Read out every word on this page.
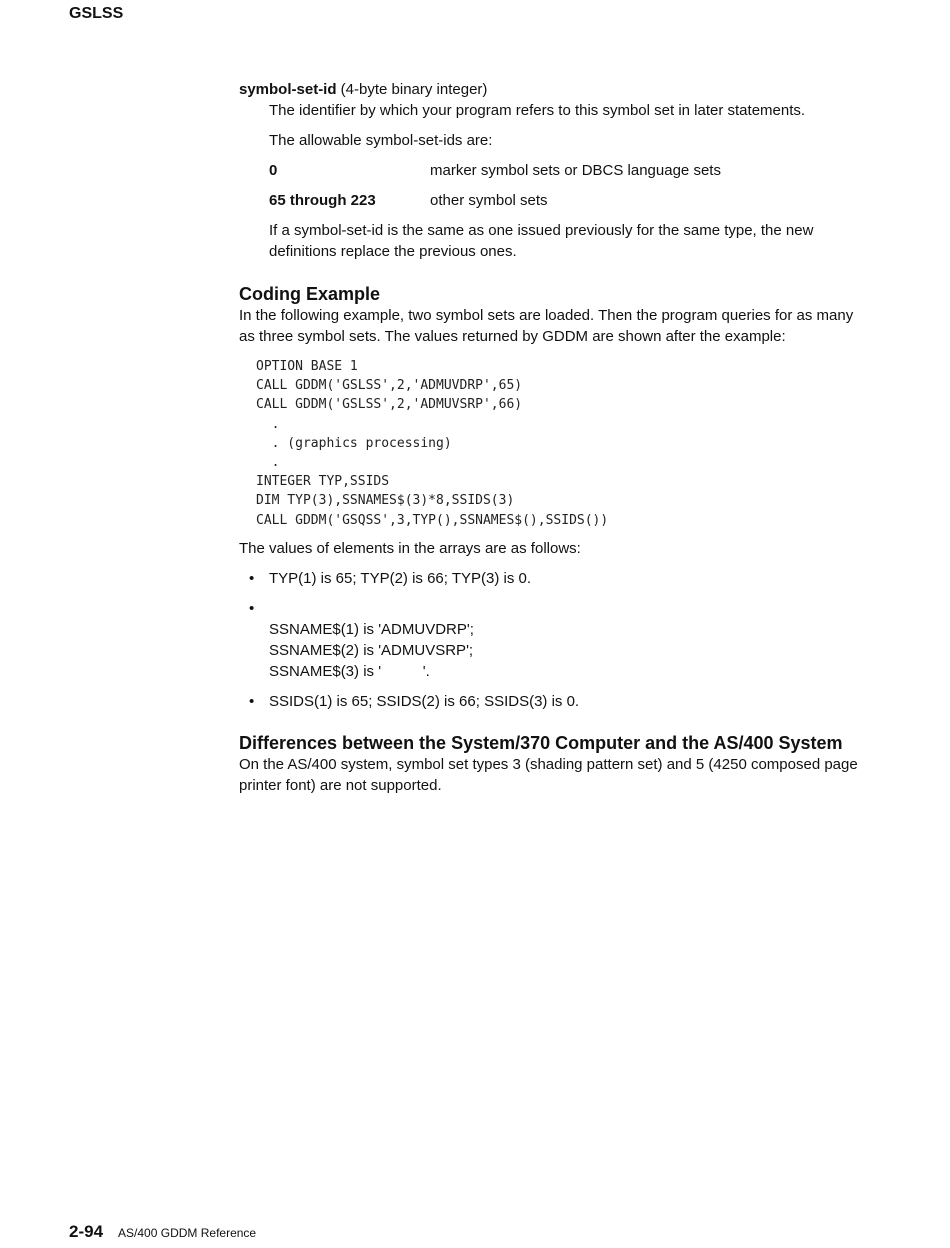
GSLSS
symbol-set-id (4-byte binary integer)

The identifier by which your program refers to this symbol set in later statements.

The allowable symbol-set-ids are:

0	marker symbol sets or DBCS language sets
65 through 223	other symbol sets

If a symbol-set-id is the same as one issued previously for the same type, the new definitions replace the previous ones.

Coding Example

In the following example, two symbol sets are loaded. Then the program queries for as many as three symbol sets. The values returned by GDDM are shown after the example:

OPTION BASE 1
CALL GDDM('GSLSS',2,'ADMUVDRP',65)
CALL GDDM('GSLSS',2,'ADMUVSRP',66)
.
. (graphics processing)
.
INTEGER TYP,SSIDS
DIM TYP(3),SSNAMES$(3)*8,SSIDS(3)
CALL GDDM('GSQSS',3,TYP(),SSNAMES$(),SSIDS())

The values of elements in the arrays are as follows:

• TYP(1) is 65; TYP(2) is 66; TYP(3) is 0.
•
SSNAME$(1) is 'ADMUVDRP';
SSNAME$(2) is 'ADMUVSRP';
SSNAME$(3) is '          '.
• SSIDS(1) is 65; SSIDS(2) is 66; SSIDS(3) is 0.
Differences between the System/370 Computer and the AS/400 System

On the AS/400 system, symbol set types 3 (shading pattern set) and 5 (4250 composed page printer font) are not supported.

2-94 AS/400 GDDM Reference
